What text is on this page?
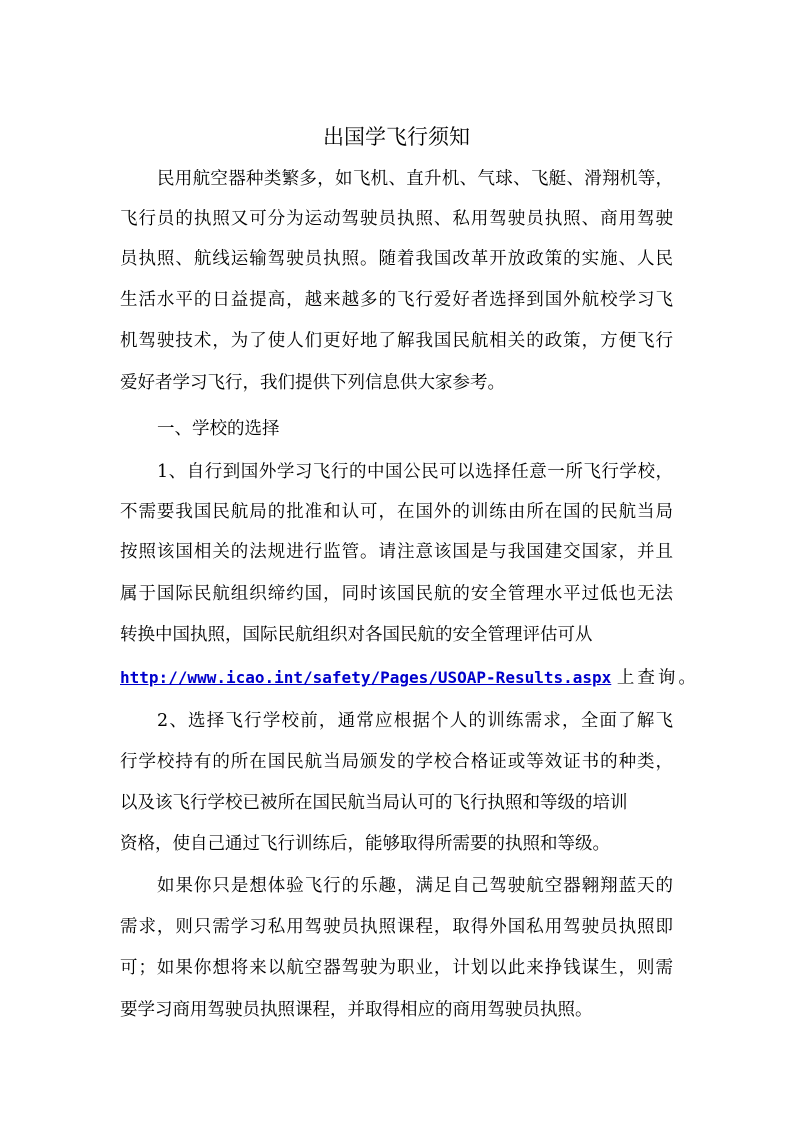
出国学飞行须知

民用航空器种类繁多，如飞机、直升机、气球、飞艇、滑翔机等，

飞行员的执照又可分为运动驾驶员执照、私用驾驶员执照、商用驾驶

员执照、航线运输驾驶员执照。随着我国改革开放政策的实施、人民

生活水平的日益提高，越来越多的飞行爱好者选择到国外航校学习飞

机驾驶技术，为了使人们更好地了解我国民航相关的政策，方便飞行

爱好者学习飞行，我们提供下列信息供大家参考。

一、学校的选择

1、自行到国外学习飞行的中国公民可以选择任意一所飞行学校，

不需要我国民航局的批准和认可，在国外的训练由所在国的民航当局

按照该国相关的法规进行监管。请注意该国是与我国建交国家，并且

属于国际民航组织缔约国，同时该国民航的安全管理水平过低也无法

转换中国执照，国际民航组织对各国民航的安全管理评估可从

http://www.icao.int/safety/Pages/USOAP-Results.aspx 上查询。

2、选择飞行学校前，通常应根据个人的训练需求，全面了解飞

行学校持有的所在国民航当局颁发的学校合格证或等效证书的种类，

以及该飞行学校已被所在国民航当局认可的飞行执照和等级的培训

资格，使自己通过飞行训练后，能够取得所需要的执照和等级。

如果你只是想体验飞行的乐趣，满足自己驾驶航空器翱翔蓝天的

需求，则只需学习私用驾驶员执照课程，取得外国私用驾驶员执照即

可；如果你想将来以航空器驾驶为职业，计划以此来挣钱谋生，则需

要学习商用驾驶员执照课程，并取得相应的商用驾驶员执照。
